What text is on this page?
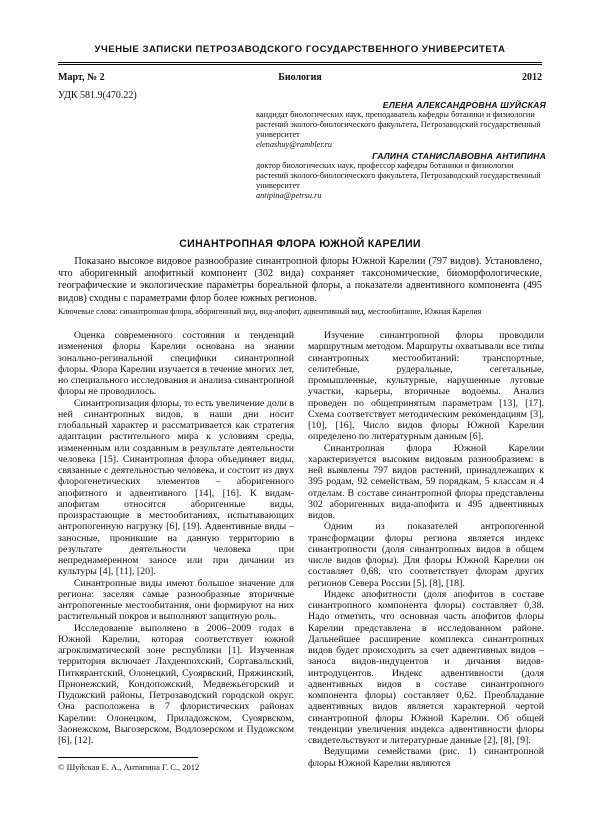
УЧЕНЫЕ ЗАПИСКИ ПЕТРОЗАВОДСКОГО ГОСУДАРСТВЕННОГО УНИВЕРСИТЕТА
Март, № 2	Биология	2012
УДК 581.9(470.22)
ЕЛЕНА АЛЕКСАНДРОВНА ШУЙСКАЯ
кандидат биологических наук, преподаватель кафедры ботаники и физиологии растений эколого-биологического факультета, Петрозаводский государственный университет
elenashuy@rambler.ru
ГАЛИНА СТАНИСЛАВОВНА АНТИПИНА
доктор биологических наук, профессор кафедры ботаники и физиологии растений эколого-биологического факультета, Петрозаводский государственный университет
antipina@petrsu.ru
СИНАНТРОПНАЯ ФЛОРА ЮЖНОЙ КАРЕЛИИ
Показано высокое видовое разнообразие синантропной флоры Южной Карелии (797 видов). Установлено, что аборигенный апофитный компонент (302 вида) сохраняет таксономические, биоморфологические, географические и экологические параметры бореальной флоры, а показатели адвентивного компонента (495 видов) сходны с параметрами флор более южных регионов.
Ключевые слова: синантропная флора, аборигенный вид, вид-апофит, адвентивный вид, местообитание, Южная Карелия

Оценка современного состояния и тенденций изменения флоры Карелии основана на знании зонально-регинальной специфики синантропной флоры. Флора Карелии изучается в течение многих лет, но специального исследования и анализа синантропной флоры не проводилось.

Синантропизация флоры, то есть увеличение доли в ней синантропных видов, в наши дни носит глобальный характер и рассматривается как стратегия адаптации растительного мира к условиям среды, измененным или созданным в результате деятельности человека [15]. Синантропная флора объединяет виды, связанные с деятельностью человека, и состоит из двух флорогенетических элементов – аборигенного апофитного и адвентивного [14], [16]. К видам-апофитам относятся аборигенные виды, произрастающие в местообитаниях, испытывающих антропогенную нагрузку [6], [19]. Адвентивные виды – заносные, проникшие на данную территорию в результате деятельности человека при непреднамеренном заносе или при дичании из культуры [4], [11], [20].

Синантропные виды имеют большое значение для региона: заселяя самые разнообразные вторичные антропогенные местообитания, они формируют на них растительный покров и выполняют защитную роль.

Исследование выполнено в 2006–2009 годах в Южной Карелии, которая соответствует южной агроклиматической зоне республики [1]. Изученная территория включает Лахденпохский, Сортавальский, Питкярантский, Олонецкий, Суоярвский, Пряжинский, Прионежский, Кондопожский, Медвежьегорский и Пудожский районы, Петрозаводский городской округ. Она расположена в 7 флористических районах Карелии: Олонецком, Приладожском, Суоярвском, Заонежском, Выгозерском, Водлозерском и Пудожском [6], [12].

Изучение синантропной флоры проводили маршрутным методом. Маршруты охватывали все типы синантропных местообитаний: транспортные, селитебные, рудеральные, сегетальные, промышленные, культурные, нарушенные луговые участки, карьеры, вторичные водоемы. Анализ проведен по общепринятым параметрам [13], [17]. Схема соответствует методическим рекомендациям [3], [10], [16]. Число видов флоры Южной Карелии определено по литературным данным [6].

Синантропная флора Южной Карелии характеризуется высоким видовым разнообразием: в ней выявлены 797 видов растений, принадлежащих к 395 родам, 92 семействам, 59 порядкам, 5 классам и 4 отделам. В составе синантропной флоры представлены 302 аборигенных вида-апофита и 495 адвентивных видов.

Одним из показателей антропогенной трансформации флоры региона является индекс синантропности (доля синантропных видов в общем числе видов флоры). Для флоры Южной Карелии он составляет 0,68, что соответствует флорам других регионов Севера России [5], [8], [18].

Индекс апофитности (доля апофитов в составе синантропного компонента флоры) составляет 0,38. Надо отметить, что основная часть апофитов флоры Карелии представлена в исследованном районе. Дальнейшее расширение комплекса синантропных видов будет происходить за счет адвентивных видов – заноса видов-индуцентов и дичания видов-интродуцентов. Индекс адвентивности (доля адвентивных видов в составе синантропного компонента флоры) составляет 0,62. Преобладание адвентивных видов является характерной чертой синантропной флоры Южной Карелии. Об общей тенденции увеличения индекса адвентивности флоры свидетельствуют и литературные данные [2], [8], [9].

Ведущими семействами (рис. 1) синантропной флоры Южной Карелии являются

© Шуйская Е. А., Антипина Г. С., 2012
